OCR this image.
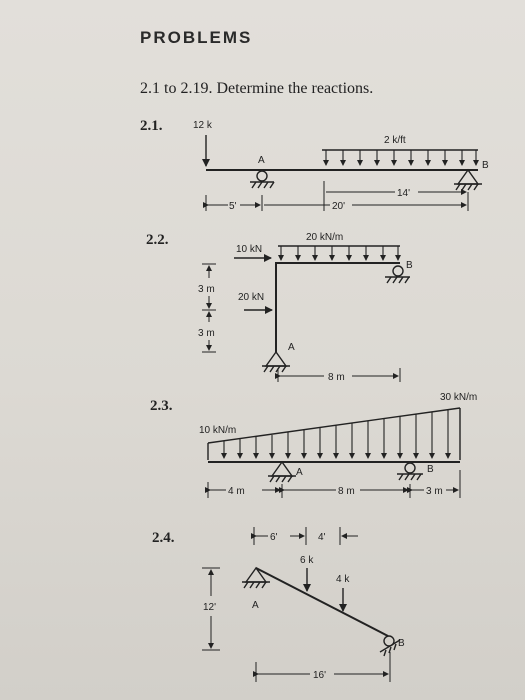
PROBLEMS
2.1 to 2.19. Determine the reactions.
2.1.
2.2.
2.3.
2.4.
12 k
2 k/ft
A	B
5'	20'
14'
10 kN
20 kN/m
20 kN
B
A
3 m
3 m
8 m
10 kN/m
30 kN/m
A	B
4 m	8 m	3 m
6'	4'
6 k
4 k
A
B
12'
16'
